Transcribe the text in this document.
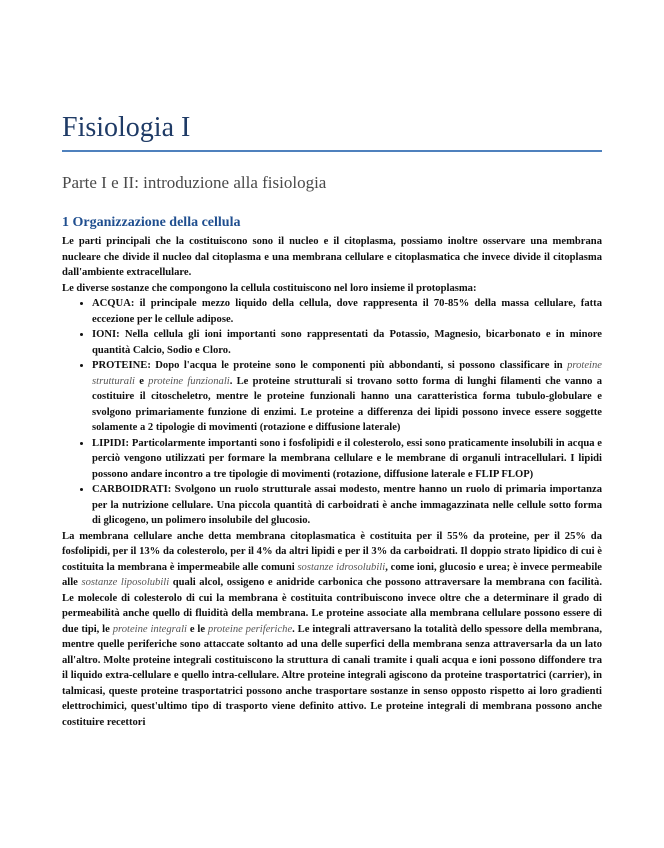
Fisiologia I
Parte I e II: introduzione alla fisiologia
1 Organizzazione della cellula

Le parti principali che la costituiscono sono il nucleo e il citoplasma, possiamo inoltre osservare una membrana nucleare che divide il nucleo dal citoplasma e una membrana cellulare e citoplasmatica che invece divide il citoplasma dall'ambiente extracellulare.

Le diverse sostanze che compongono la cellula costituiscono nel loro insieme il protoplasma:

• ACQUA: il principale mezzo liquido della cellula, dove rappresenta il 70-85% della massa cellulare, fatta eccezione per le cellule adipose.
• IONI: Nella cellula gli ioni importanti sono rappresentati da Potassio, Magnesio, bicarbonato e in minore quantità Calcio, Sodio e Cloro.
• PROTEINE: Dopo l'acqua le proteine sono le componenti più abbondanti, si possono classificare in proteine strutturali e proteine funzionali. Le proteine strutturali si trovano sotto forma di lunghi filamenti che vanno a costituire il citoscheletro, mentre le proteine funzionali hanno una caratteristica forma tubulo-globulare e svolgono primariamente funzione di enzimi. Le proteine a differenza dei lipidi possono invece essere soggette solamente a 2 tipologie di movimenti (rotazione e diffusione laterale)
• LIPIDI: Particolarmente importanti sono i fosfolipidi e il colesterolo, essi sono praticamente insolubili in acqua e perciò vengono utilizzati per formare la membrana cellulare e le membrane di organuli intracellulari. I lipidi possono andare incontro a tre tipologie di movimenti (rotazione, diffusione laterale e FLIP FLOP)
• CARBOIDRATI: Svolgono un ruolo strutturale assai modesto, mentre hanno un ruolo di primaria importanza per la nutrizione cellulare. Una piccola quantità di carboidrati è anche immagazzinata nelle cellule sotto forma di glicogeno, un polimero insolubile del glucosio.

La membrana cellulare anche detta membrana citoplasmatica è costituita per il 55% da proteine, per il 25% da fosfolipidi, per il 13% da colesterolo, per il 4% da altri lipidi e per il 3% da carboidrati. Il doppio strato lipidico di cui è costituita la membrana è impermeabile alle comuni sostanze idrosolubili, come ioni, glucosio e urea; è invece permeabile alle sostanze liposolubili quali alcol, ossigeno e anidride carbonica che possono attraversare la membrana con facilità. Le molecole di colesterolo di cui la membrana è costituita contribuiscono invece oltre che a determinare il grado di permeabilità anche quello di fluidità della membrana. Le proteine associate alla membrana cellulare possono essere di due tipi, le proteine integrali e le proteine periferiche. Le integrali attraversano la totalità dello spessore della membrana, mentre quelle periferiche sono attaccate soltanto ad una delle superfici della membrana senza attraversarla da un lato all'altro. Molte proteine integrali costituiscono la struttura di canali tramite i quali acqua e ioni possono diffondere tra il liquido extra-cellulare e quello intra-cellulare. Altre proteine integrali agiscono da proteine trasportatrici (carrier), in talmicasi, queste proteine trasportatrici possono anche trasportare sostanze in senso opposto rispetto ai loro gradienti elettrochimici, quest'ultimo tipo di trasporto viene definito attivo. Le proteine integrali di membrana possono anche costituire recettori
